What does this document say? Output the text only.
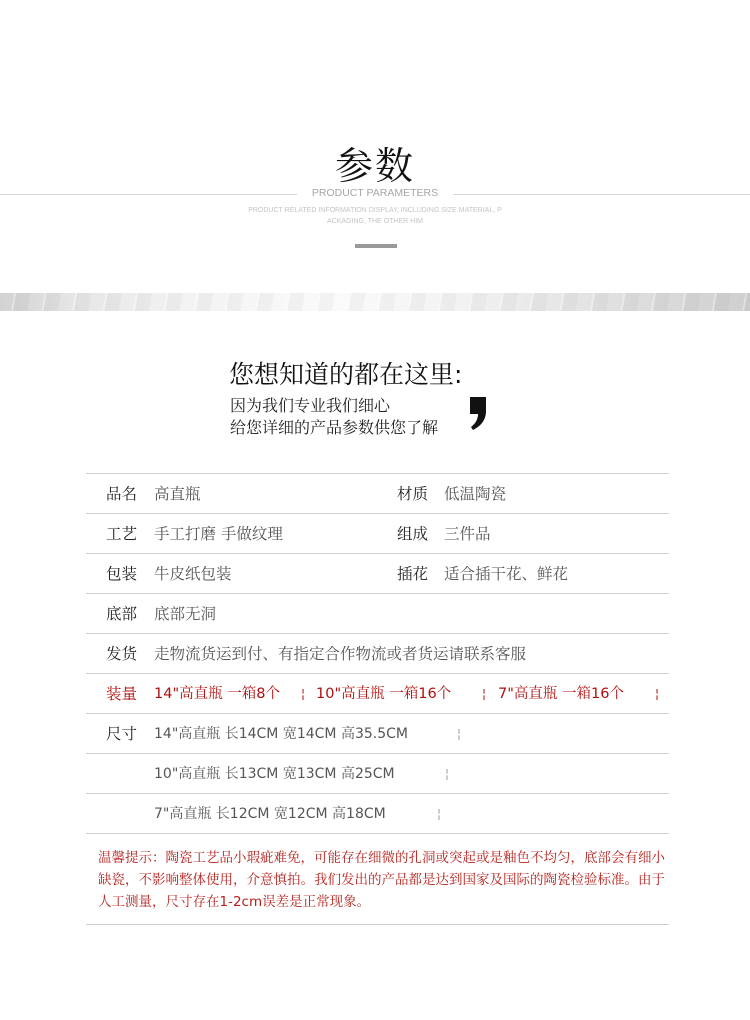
参数
PRODUCT PARAMETERS
PRODUCT RELATED INFORMATION DISPLAY, INCLUDING SIZE MATERIAL, P
ACKAGING, THE OTHER HIM
您想知道的都在这里:
因为我们专业我们细心
给您详细的产品参数供您了解
品名 高直瓶	材质 低温陶瓷
工艺 手工打磨 手做纹理	组成 三件品
包装 牛皮纸包装	插花 适合插干花、鲜花
底部 底部无洞
发货 走物流货运到付、有指定合作物流或者货运请联系客服
装量 14"高直瓶 一箱8个 ¦ 10"高直瓶 一箱16个	¦ 7"高直瓶 一箱16个	¦
尺寸 14"高直瓶 长14CM 宽14CM 高35.5CM	¦
10"高直瓶 长13CM 宽13CM 高25CM	¦
7"高直瓶 长12CM 宽12CM 高18CM	¦
温馨提示：陶瓷工艺品小瑕疵难免，可能存在细微的孔洞或突起或是釉色不均匀，底部会有细小缺瓷，不影响整体使用，介意慎拍。我们发出的产品都是达到国家及国际的陶瓷检验标准。由于人工测量，尺寸存在1-2cm误差是正常现象。
